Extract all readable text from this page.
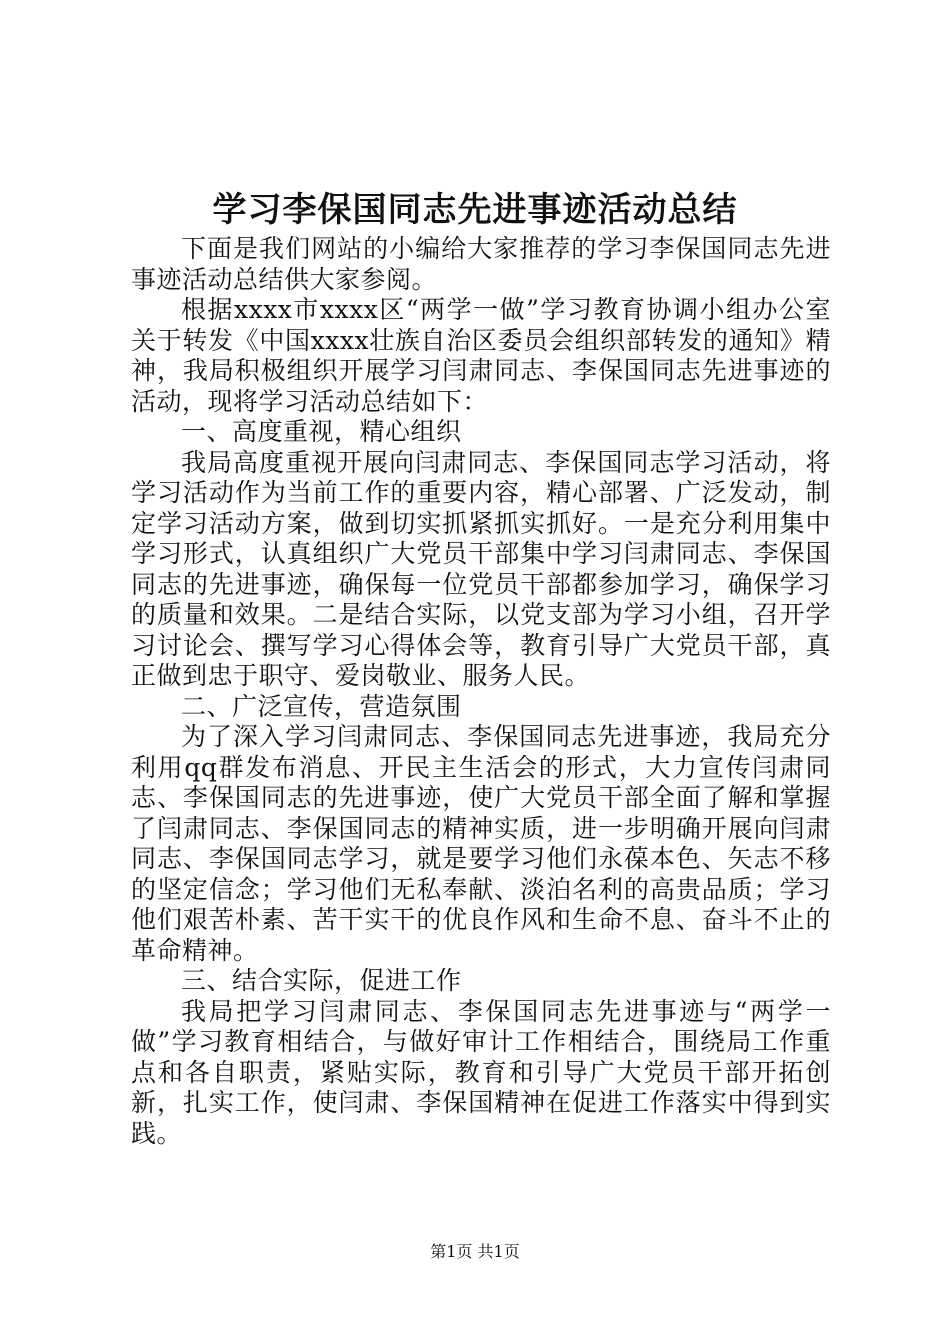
学习李保国同志先进事迹活动总结

下面是我们网站的小编给大家推荐的学习李保国同志先进事迹活动总结供大家参阅。

根据xxxx市xxxx区“两学一做”学习教育协调小组办公室关于转发《中国xxxx壮族自治区委员会组织部转发的通知》精神，我局积极组织开展学习闫肃同志、李保国同志先进事迹的活动，现将学习活动总结如下：

一、高度重视，精心组织

我局高度重视开展向闫肃同志、李保国同志学习活动，将学习活动作为当前工作的重要内容，精心部署、广泛发动，制定学习活动方案，做到切实抓紧抓实抓好。一是充分利用集中学习形式，认真组织广大党员干部集中学习闫肃同志、李保国同志的先进事迹，确保每一位党员干部都参加学习，确保学习的质量和效果。二是结合实际，以党支部为学习小组，召开学习讨论会、撰写学习心得体会等，教育引导广大党员干部，真正做到忠于职守、爱岗敬业、服务人民。

二、广泛宣传，营造氛围

为了深入学习闫肃同志、李保国同志先进事迹，我局充分利用qq群发布消息、开民主生活会的形式，大力宣传闫肃同志、李保国同志的先进事迹，使广大党员干部全面了解和掌握了闫肃同志、李保国同志的精神实质，进一步明确开展向闫肃同志、李保国同志学习，就是要学习他们永葆本色、矢志不移的坚定信念；学习他们无私奉献、淡泊名利的高贵品质；学习他们艰苦朴素、苦干实干的优良作风和生命不息、奋斗不止的革命精神。

三、结合实际，促进工作

我局把学习闫肃同志、李保国同志先进事迹与“两学一做”学习教育相结合，与做好审计工作相结合，围绕局工作重点和各自职责，紧贴实际，教育和引导广大党员干部开拓创新，扎实工作，使闫肃、李保国精神在促进工作落实中得到实践。

第1页 共1页
